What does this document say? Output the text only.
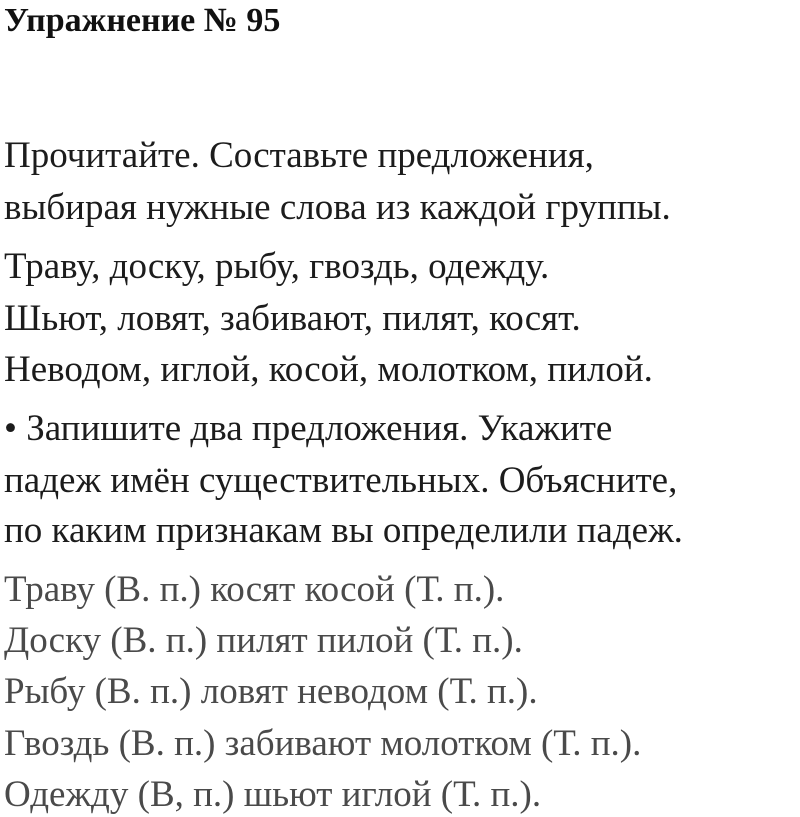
Упражнение № 95
Прочитайте. Составьте предложения,
выбирая нужные слова из каждой группы.
Траву, доску, рыбу, гвоздь, одежду.
Шьют, ловят, забивают, пилят, косят.
Неводом, иглой, косой, молотком, пилой.
• Запишите два предложения. Укажите
падеж имён существительных. Объясните,
по каким признакам вы определили падеж.
Траву (В. п.) косят косой (Т. п.).
Доску (В. п.) пилят пилой (Т. п.).
Рыбу (В. п.) ловят неводом (Т. п.).
Гвоздь (В. п.) забивают молотком (Т. п.).
Одежду (В, п.) шьют иглой (Т. п.).
